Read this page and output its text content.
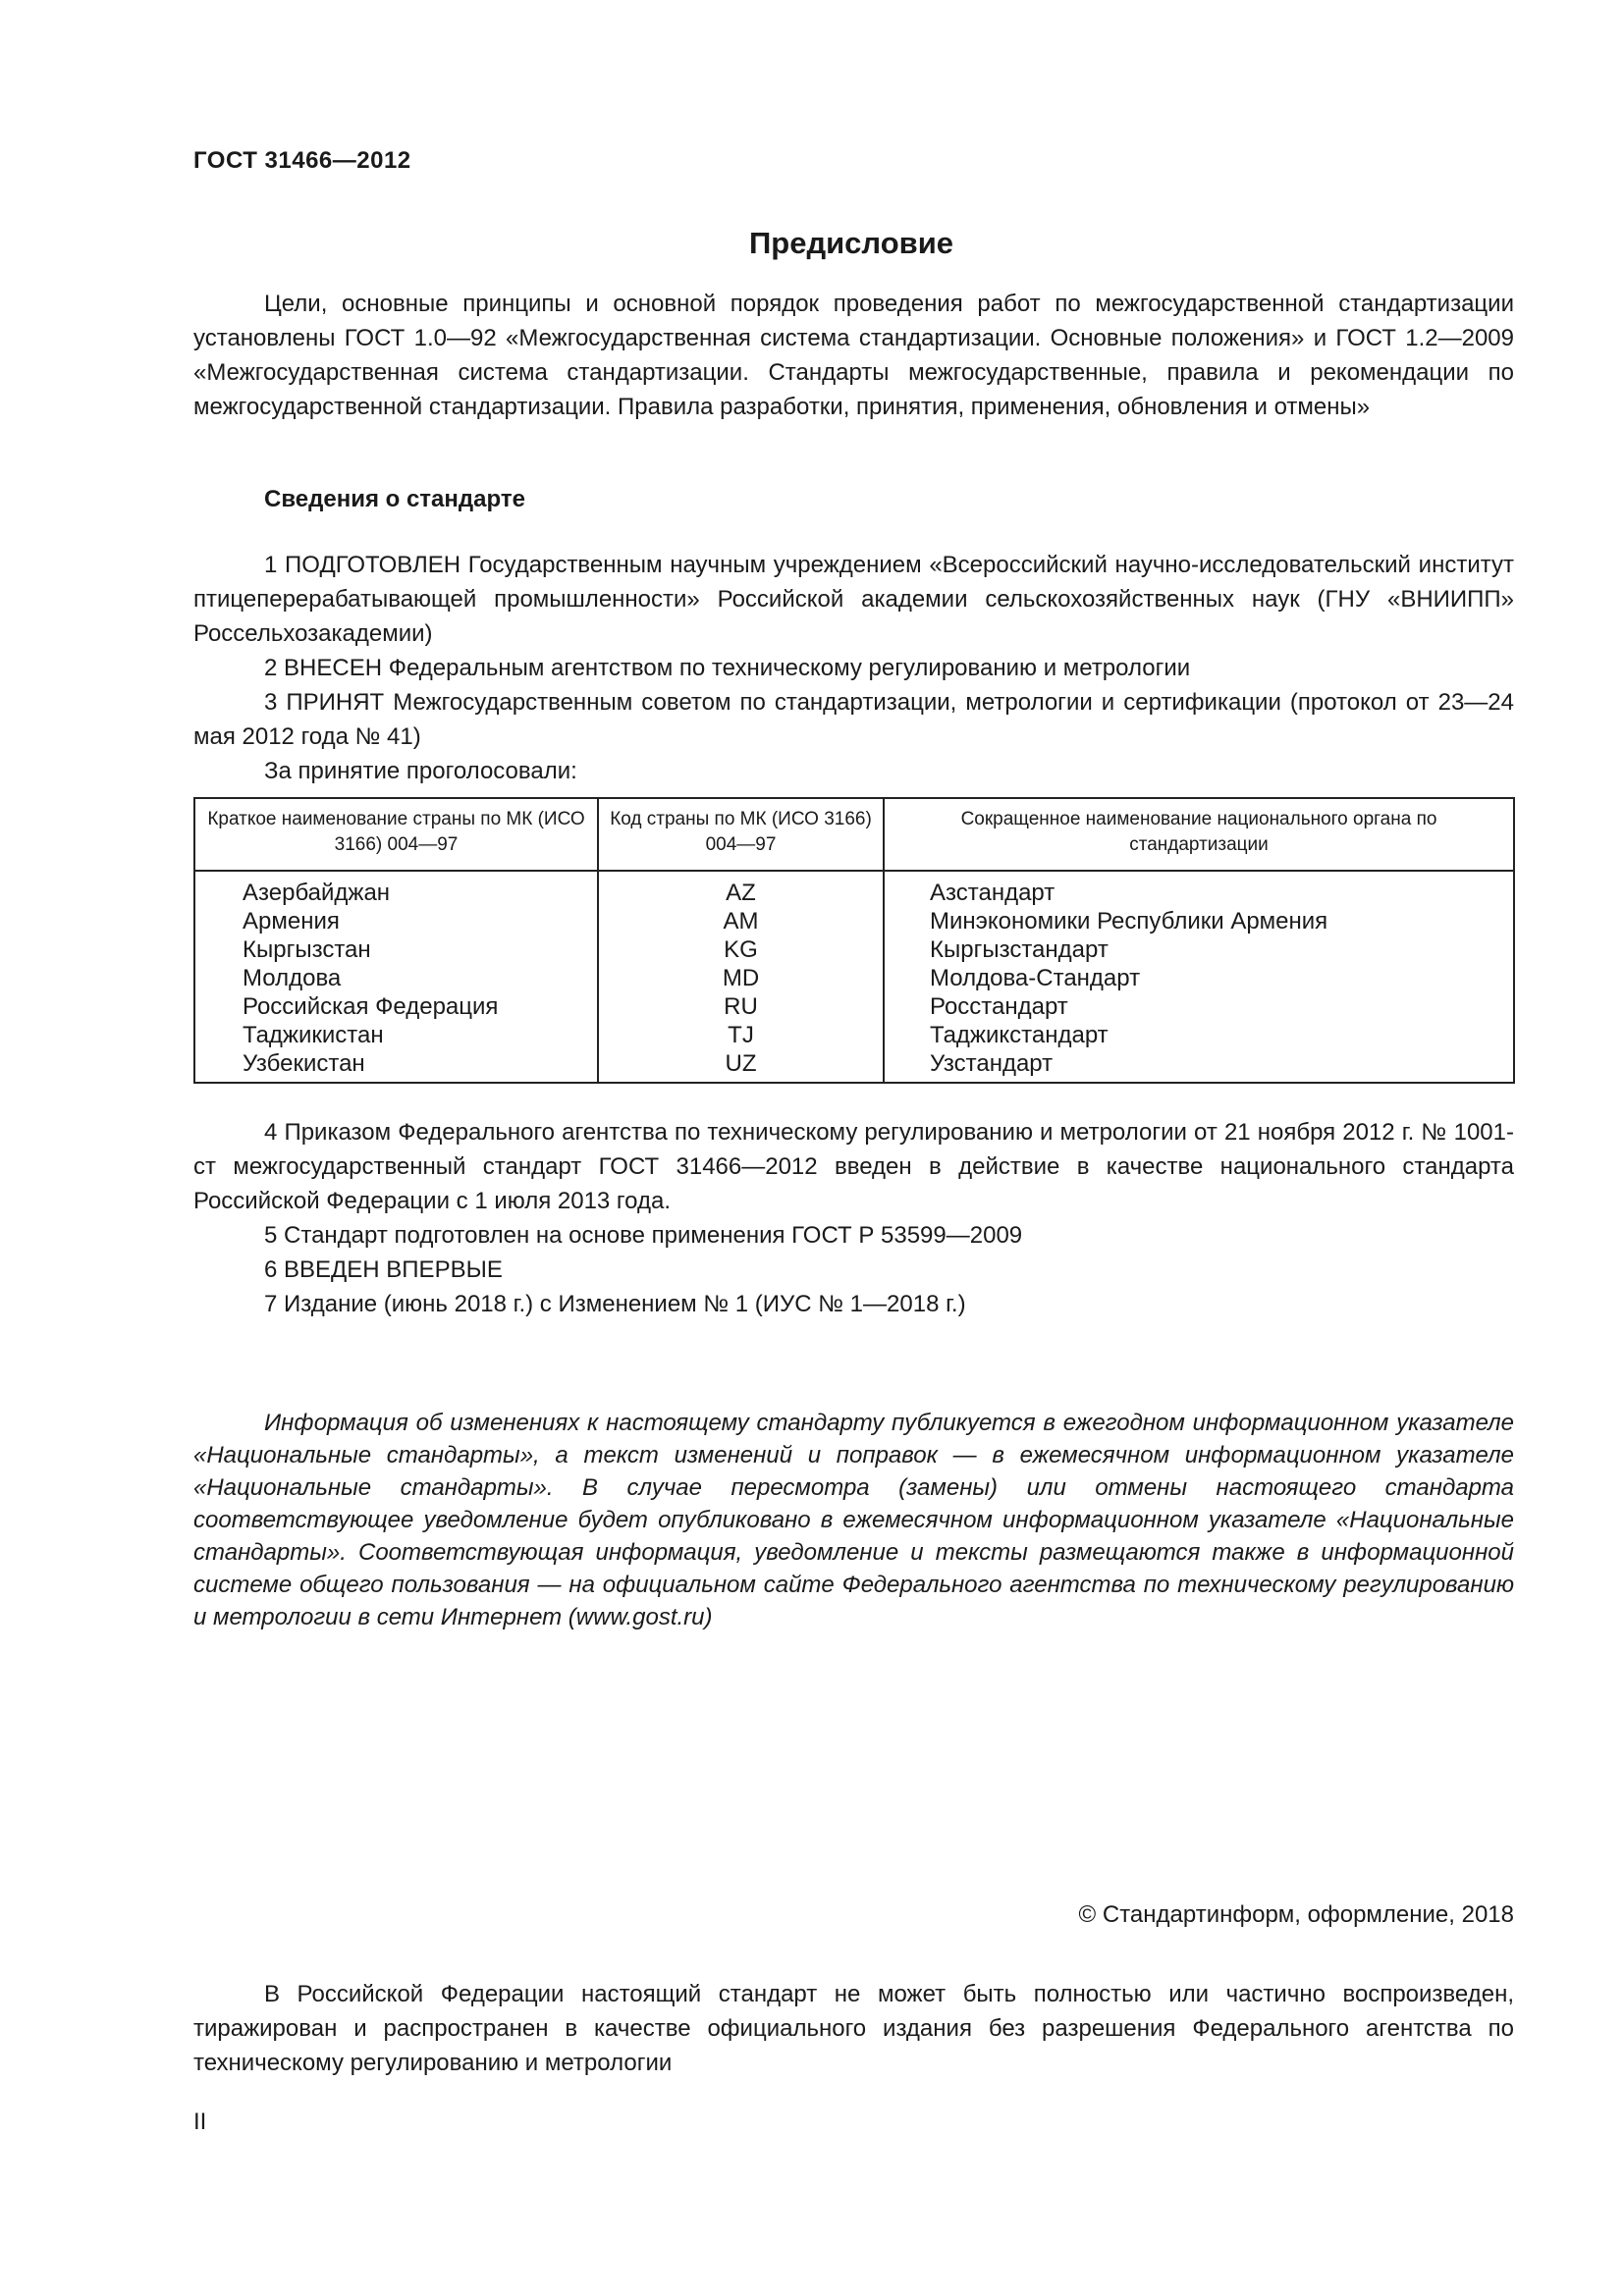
ГОСТ 31466—2012
Предисловие

Цели, основные принципы и основной порядок проведения работ по межгосударственной стандартизации установлены ГОСТ 1.0—92 «Межгосударственная система стандартизации. Основные положения» и ГОСТ 1.2—2009 «Межгосударственная система стандартизации. Стандарты межгосударственные, правила и рекомендации по межгосударственной стандартизации. Правила разработки, принятия, применения, обновления и отмены»

Сведения о стандарте

1 ПОДГОТОВЛЕН Государственным научным учреждением «Всероссийский научно-исследовательский институт птицеперерабатывающей промышленности» Российской академии сельскохозяйственных наук (ГНУ «ВНИИПП» Россельхозакадемии)

2 ВНЕСЕН Федеральным агентством по техническому регулированию и метрологии

3 ПРИНЯТ Межгосударственным советом по стандартизации, метрологии и сертификации (протокол от 23—24 мая 2012 года № 41)

За принятие проголосовали:

Краткое наименование страны по МК (ИСО 3166) 004—97	Код страны по МК (ИСО 3166) 004—97	Сокращенное наименование национального органа по стандартизации
Азербайджан	AZ	Азстандарт
Армения	AM	Минэкономики Республики Армения
Кыргызстан	KG	Кыргызстандарт
Молдова	MD	Молдова-Стандарт
Российская Федерация	RU	Росстандарт
Таджикистан	TJ	Таджикстандарт
Узбекистан	UZ	Узстандарт

4 Приказом Федерального агентства по техническому регулированию и метрологии от 21 ноября 2012 г. № 1001-ст межгосударственный стандарт ГОСТ 31466—2012 введен в действие в качестве национального стандарта Российской Федерации с 1 июля 2013 года.

5 Стандарт подготовлен на основе применения ГОСТ Р 53599—2009

6 ВВЕДЕН ВПЕРВЫЕ

7 Издание (июнь 2018 г.) с Изменением № 1 (ИУС № 1—2018 г.)

Информация об изменениях к настоящему стандарту публикуется в ежегодном информационном указателе «Национальные стандарты», а текст изменений и поправок — в ежемесячном информационном указателе «Национальные стандарты». В случае пересмотра (замены) или отмены настоящего стандарта соответствующее уведомление будет опубликовано в ежемесячном информационном указателе «Национальные стандарты». Соответствующая информация, уведомление и тексты размещаются также в информационной системе общего пользования — на официальном сайте Федерального агентства по техническому регулированию и метрологии в сети Интернет (www.gost.ru)

© Стандартинформ, оформление, 2018

В Российской Федерации настоящий стандарт не может быть полностью или частично воспроизведен, тиражирован и распространен в качестве официального издания без разрешения Федерального агентства по техническому регулированию и метрологии

II
